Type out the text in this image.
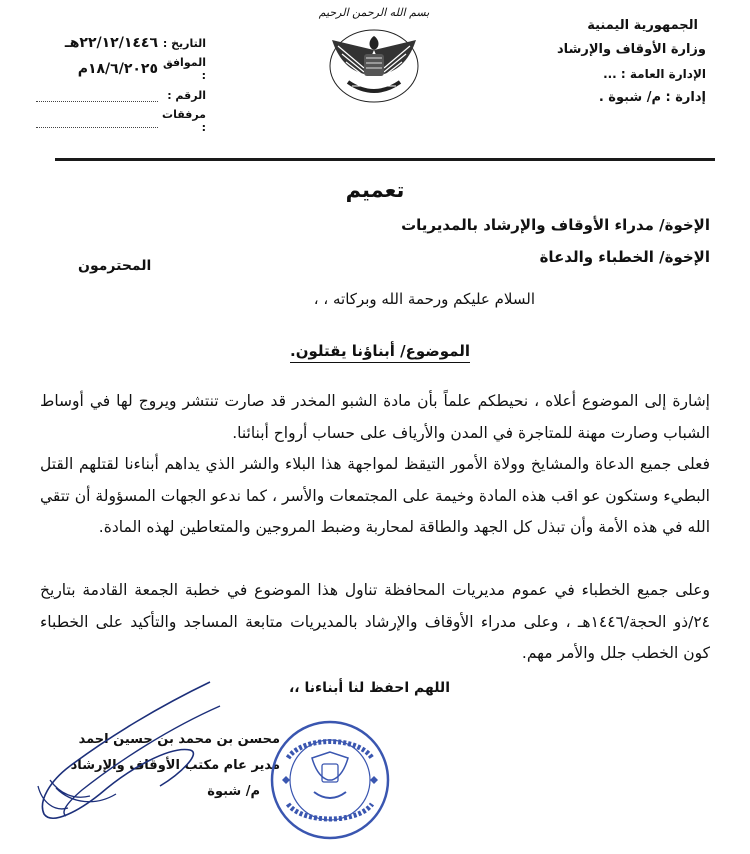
بسم الله الرحمن الرحيم
الجمهورية اليمنية
وزارة الأوقاف والإرشاد
الإدارة العامة : ...
إدارة : م/ شبوة .
التاريخ :
٢٢/١٢/١٤٤٦هـ
الموافق :
١٨/٦/٢٠٢٥م
الرقم :
مرفقات :
تعميم
الإخوة/ مدراء الأوقاف والإرشاد بالمديريات
الإخوة/ الخطباء والدعاة
المحترمون
السلام عليكم ورحمة الله وبركاته ، ،
الموضوع/ أبناؤنا يقتلون.
إشارة إلى الموضوع أعلاه ، نحيطكم علماً بأن مادة الشبو المخدر قد صارت تنتشر ويروج لها في أوساط الشباب وصارت مهنة للمتاجرة في المدن والأرياف على حساب أرواح أبنائنا.
فعلى جميع الدعاة والمشايخ وولاة الأمور التيقظ لمواجهة هذا البلاء والشر الذي يداهم أبناءنا لقتلهم القتل البطيء وستكون عو اقب هذه المادة وخيمة على المجتمعات والأسر ، كما ندعو الجهات المسؤولة أن تتقي الله في هذه الأمة وأن تبذل كل الجهد والطاقة لمحاربة وضبط المروجين والمتعاطين لهذه المادة.
وعلى جميع الخطباء في عموم مديريات المحافظة تناول هذا الموضوع في خطبة الجمعة القادمة بتاريخ ٢٤/ذو الحجة/١٤٤٦هـ ، وعلى مدراء الأوقاف والإرشاد بالمديريات متابعة المساجد والتأكيد على الخطباء كون الخطب جلل والأمر مهم.
اللهم احفظ لنا أبناءنا ،،
محسن بن محمد بن حسين احمد
مدير عام مكتب الأوقاف والإرشاد
م/ شبوة
